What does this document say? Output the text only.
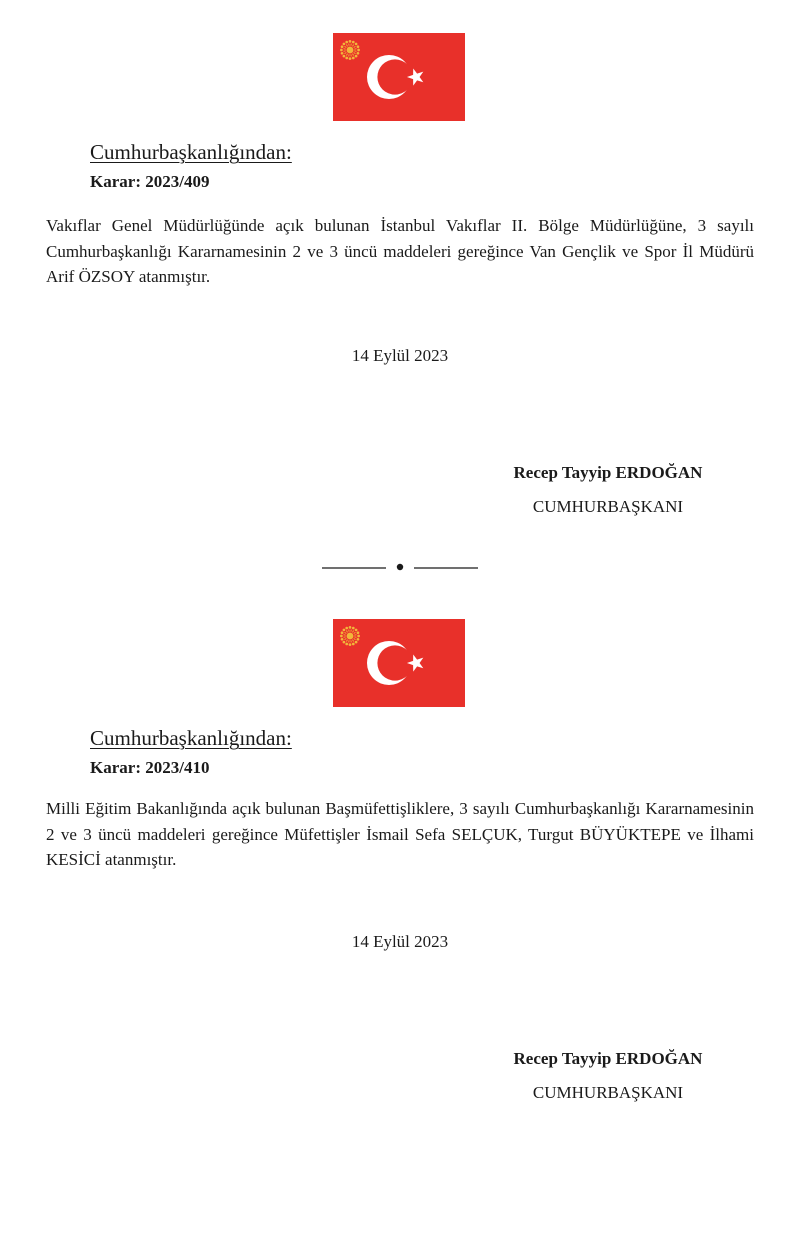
Cumhurbaşkanlığından:
Karar: 2023/409

Vakıflar Genel Müdürlüğünde açık bulunan İstanbul Vakıflar II. Bölge Müdürlüğüne, 3 sayılı Cumhurbaşkanlığı Kararnamesinin 2 ve 3 üncü maddeleri gereğince Van Gençlik ve Spor İl Müdürü Arif ÖZSOY atanmıştır.

14 Eylül 2023
Recep Tayyip ERDOĞAN
CUMHURBAŞKANI
Cumhurbaşkanlığından:
Karar: 2023/410

Milli Eğitim Bakanlığında açık bulunan Başmüfettişliklere, 3 sayılı Cumhurbaşkanlığı Kararnamesinin 2 ve 3 üncü maddeleri gereğince Müfettişler İsmail Sefa SELÇUK, Turgut BÜYÜKTEPE ve İlhami KESİCİ atanmıştır.

14 Eylül 2023
Recep Tayyip ERDOĞAN
CUMHURBAŞKANI
